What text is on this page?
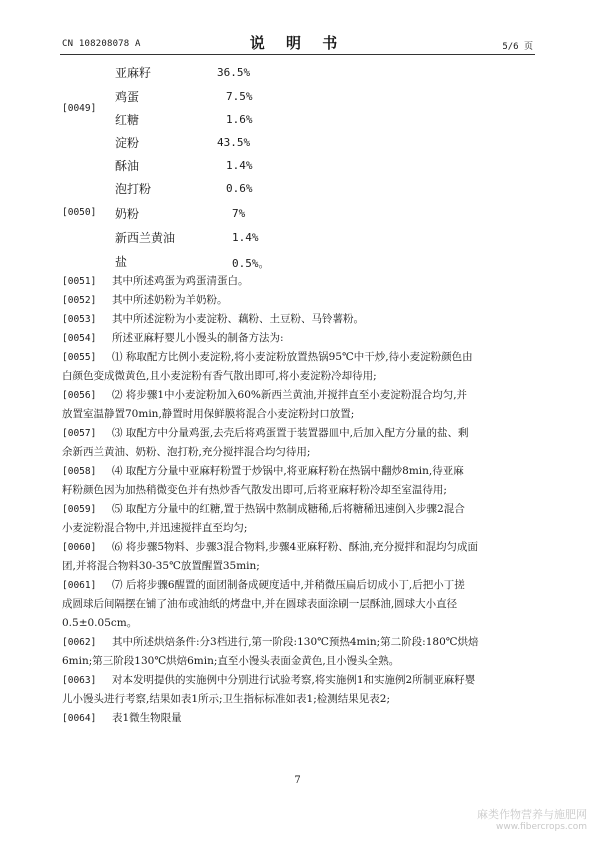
CN 108208078 A	说 明 书	5/6 页
亚麻籽	36.5%
[0049]
鸡蛋	7.5%
红糖	1.6%
淀粉	43.5%
酥油	1.4%
泡打粉	0.6%
[0050] 奶粉	7%
新西兰黄油	1.4%
盐	0.5%。
[0051] 其中所述鸡蛋为鸡蛋清蛋白。
[0052] 其中所述奶粉为羊奶粉。
[0053] 其中所述淀粉为小麦淀粉、藕粉、土豆粉、马铃薯粉。
[0054] 所述亚麻籽婴儿小馒头的制备方法为:
[0055] ⑴ 称取配方比例小麦淀粉,将小麦淀粉放置热锅95℃中干炒,待小麦淀粉颜色由
白颜色变成微黄色,且小麦淀粉有香气散出即可,将小麦淀粉冷却待用;
[0056] ⑵ 将步骤1中小麦淀粉加入60%新西兰黄油,并搅拌直至小麦淀粉混合均匀,并
放置室温静置70min,静置时用保鲜膜将混合小麦淀粉封口放置;
[0057] ⑶ 取配方中分量鸡蛋,去壳后将鸡蛋置于装置器皿中,后加入配方分量的盐、剩
余新西兰黄油、奶粉、泡打粉,充分搅拌混合均匀待用;
[0058] ⑷ 取配方分量中亚麻籽粉置于炒锅中,将亚麻籽粉在热锅中翻炒8min,待亚麻
籽粉颜色因为加热稍微变色并有热炒香气散发出即可,后将亚麻籽粉冷却至室温待用;
[0059] ⑸ 取配方分量中的红糖,置于热锅中熬制成糖稀,后将糖稀迅速倒入步骤2混合
小麦淀粉混合物中,并迅速搅拌直至均匀;
[0060] ⑹ 将步骤5物料、步骤3混合物料,步骤4亚麻籽粉、酥油,充分搅拌和混均匀成面
团,并将混合物料30-35℃放置醒置35min;
[0061] ⑺ 后将步骤6醒置的面团制备成硬度适中,并稍微压扁后切成小丁,后把小丁搓
成圆球后间隔摆在铺了油布或油纸的烤盘中,并在圆球表面涂刷一层酥油,圆球大小直径
0.5±0.05cm。
[0062] 其中所述烘焙条件:分3档进行,第一阶段:130℃预热4min;第二阶段:180℃烘焙
6min;第三阶段130℃烘焙6min;直至小馒头表面金黄色,且小馒头全熟。
[0063] 对本发明提供的实施例中分别进行试验考察,将实施例1和实施例2所制亚麻籽婴
儿小馒头进行考察,结果如表1所示;卫生指标标准如表1;检测结果见表2;
[0064] 表1微生物限量
7
麻类作物营养与施肥网
www.fibercrops.com
